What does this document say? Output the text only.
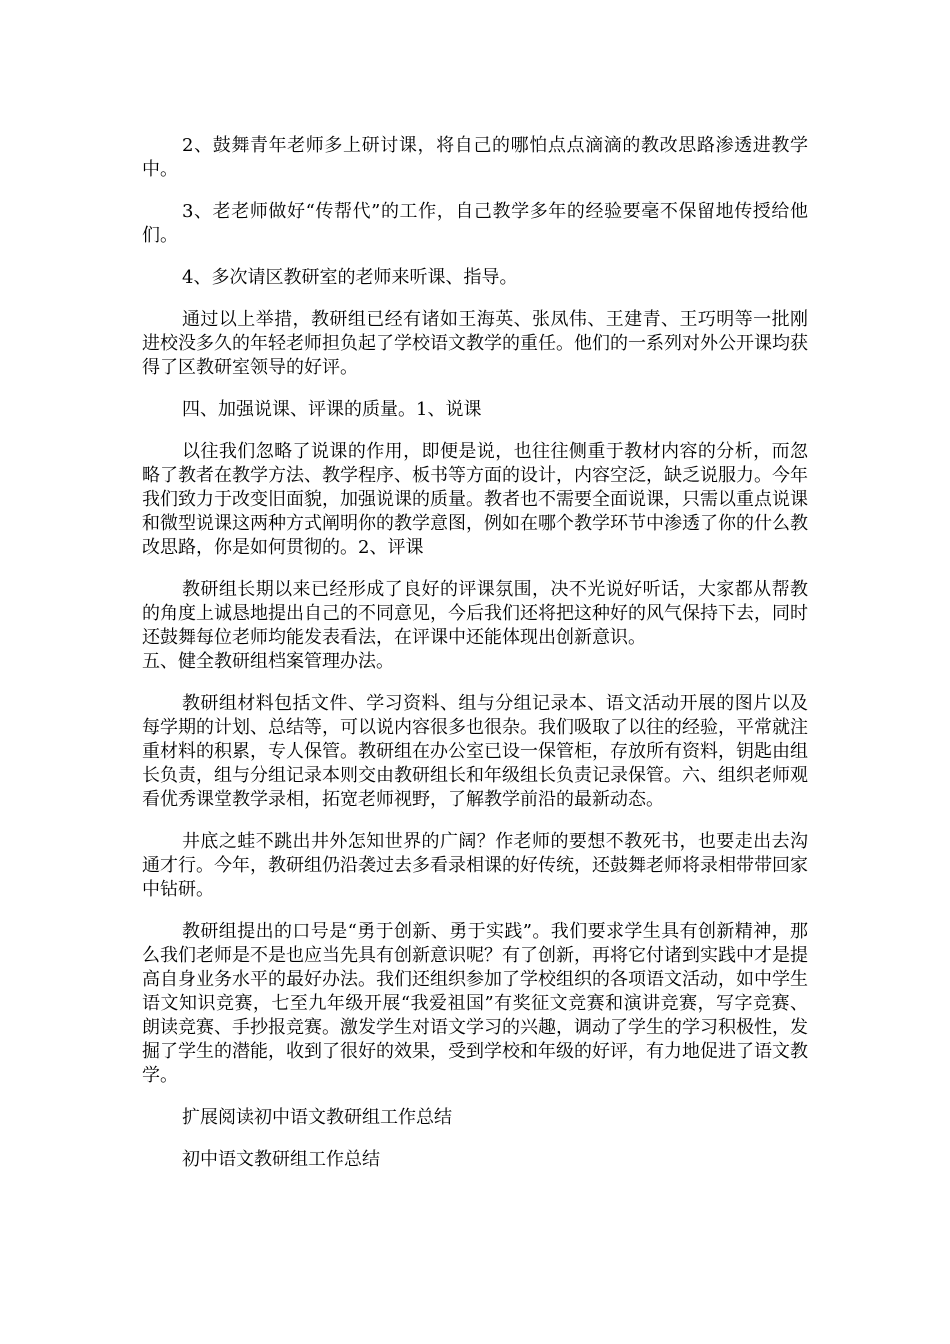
2、鼓舞青年老师多上研讨课，将自己的哪怕点点滴滴的教改思路渗透进教学中。

3、老老师做好“传帮代”的工作，自己教学多年的经验要毫不保留地传授给他们。

4、多次请区教研室的老师来听课、指导。

通过以上举措，教研组已经有诸如王海英、张凤伟、王建青、王巧明等一批刚进校没多久的年轻老师担负起了学校语文教学的重任。他们的一系列对外公开课均获得了区教研室领导的好评。

四、加强说课、评课的质量。1、说课

以往我们忽略了说课的作用，即便是说，也往往侧重于教材内容的分析，而忽略了教者在教学方法、教学程序、板书等方面的设计，内容空泛，缺乏说服力。今年我们致力于改变旧面貌，加强说课的质量。教者也不需要全面说课，只需以重点说课和微型说课这两种方式阐明你的教学意图，例如在哪个教学环节中渗透了你的什么教改思路，你是如何贯彻的。2、评课

教研组长期以来已经形成了良好的评课氛围，决不光说好听话，大家都从帮教的角度上诚恳地提出自己的不同意见，今后我们还将把这种好的风气保持下去，同时还鼓舞每位老师均能发表看法，在评课中还能体现出创新意识。

五、健全教研组档案管理办法。

教研组材料包括文件、学习资料、组与分组记录本、语文活动开展的图片以及每学期的计划、总结等，可以说内容很多也很杂。我们吸取了以往的经验，平常就注重材料的积累，专人保管。教研组在办公室已设一保管柜，存放所有资料，钥匙由组长负责，组与分组记录本则交由教研组长和年级组长负责记录保管。六、组织老师观看优秀课堂教学录相，拓宽老师视野，了解教学前沿的最新动态。

井底之蛙不跳出井外怎知世界的广阔？作老师的要想不教死书，也要走出去沟通才行。今年，教研组仍沿袭过去多看录相课的好传统，还鼓舞老师将录相带带回家中钻研。

教研组提出的口号是“勇于创新、勇于实践”。我们要求学生具有创新精神，那么我们老师是不是也应当先具有创新意识呢？有了创新，再将它付诸到实践中才是提高自身业务水平的最好办法。我们还组织参加了学校组织的各项语文活动，如中学生语文知识竞赛，七至九年级开展“我爱祖国”有奖征文竞赛和演讲竞赛，写字竞赛、朗读竞赛、手抄报竞赛。激发学生对语文学习的兴趣，调动了学生的学习积极性，发掘了学生的潜能，收到了很好的效果，受到学校和年级的好评，有力地促进了语文教学。

扩展阅读初中语文教研组工作总结

初中语文教研组工作总结
